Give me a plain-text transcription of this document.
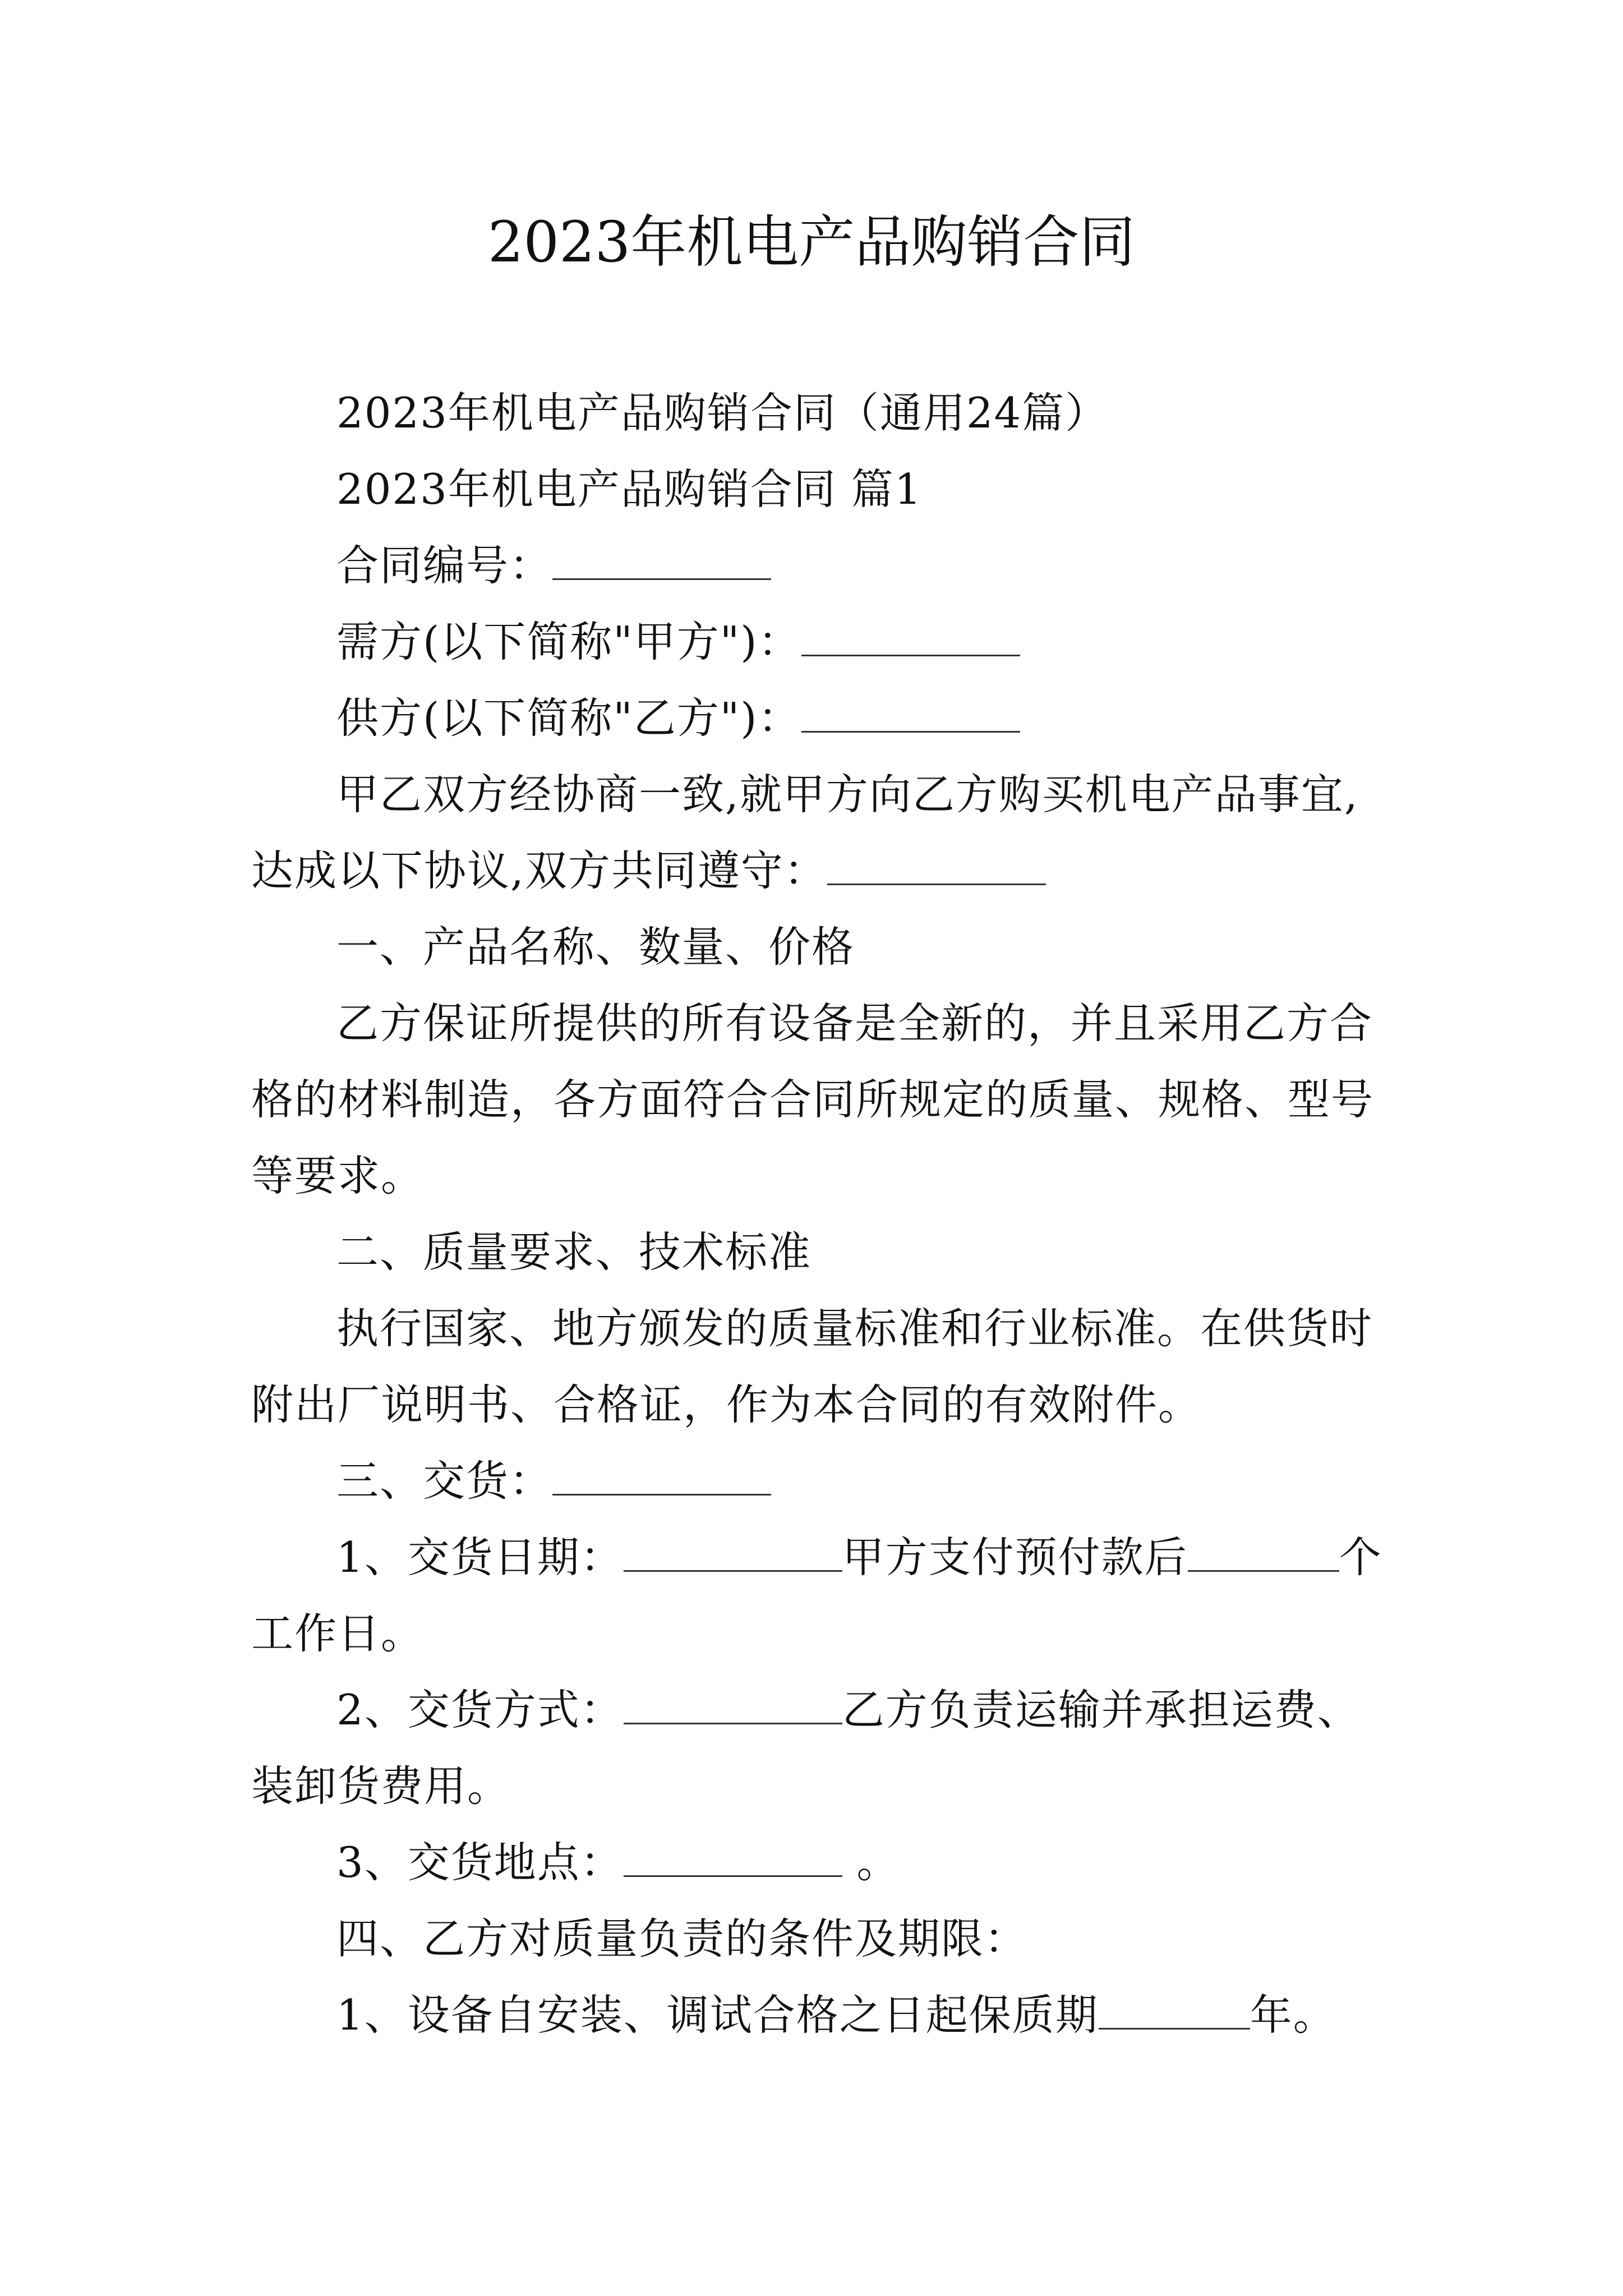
2023年机电产品购销合同

2023年机电产品购销合同（通用24篇）

2023年机电产品购销合同 篇1

合同编号：

需方(以下简称"甲方")：

供方(以下简称"乙方")：

甲乙双方经协商一致,就甲方向乙方购买机电产品事宜,达成以下协议,双方共同遵守：

一、产品名称、数量、价格

乙方保证所提供的所有设备是全新的，并且采用乙方合格的材料制造，各方面符合合同所规定的质量、规格、型号等要求。

二、质量要求、技术标准

执行国家、地方颁发的质量标准和行业标准。在供货时附出厂说明书、合格证，作为本合同的有效附件。

三、交货：

1、交货日期：	甲方支付预付款后	个工作日。

2、交货方式：	乙方负责运输并承担运费、装卸货费用。

3、交货地点：	。

四、乙方对质量负责的条件及期限：

1、设备自安装、调试合格之日起保质期	年。
